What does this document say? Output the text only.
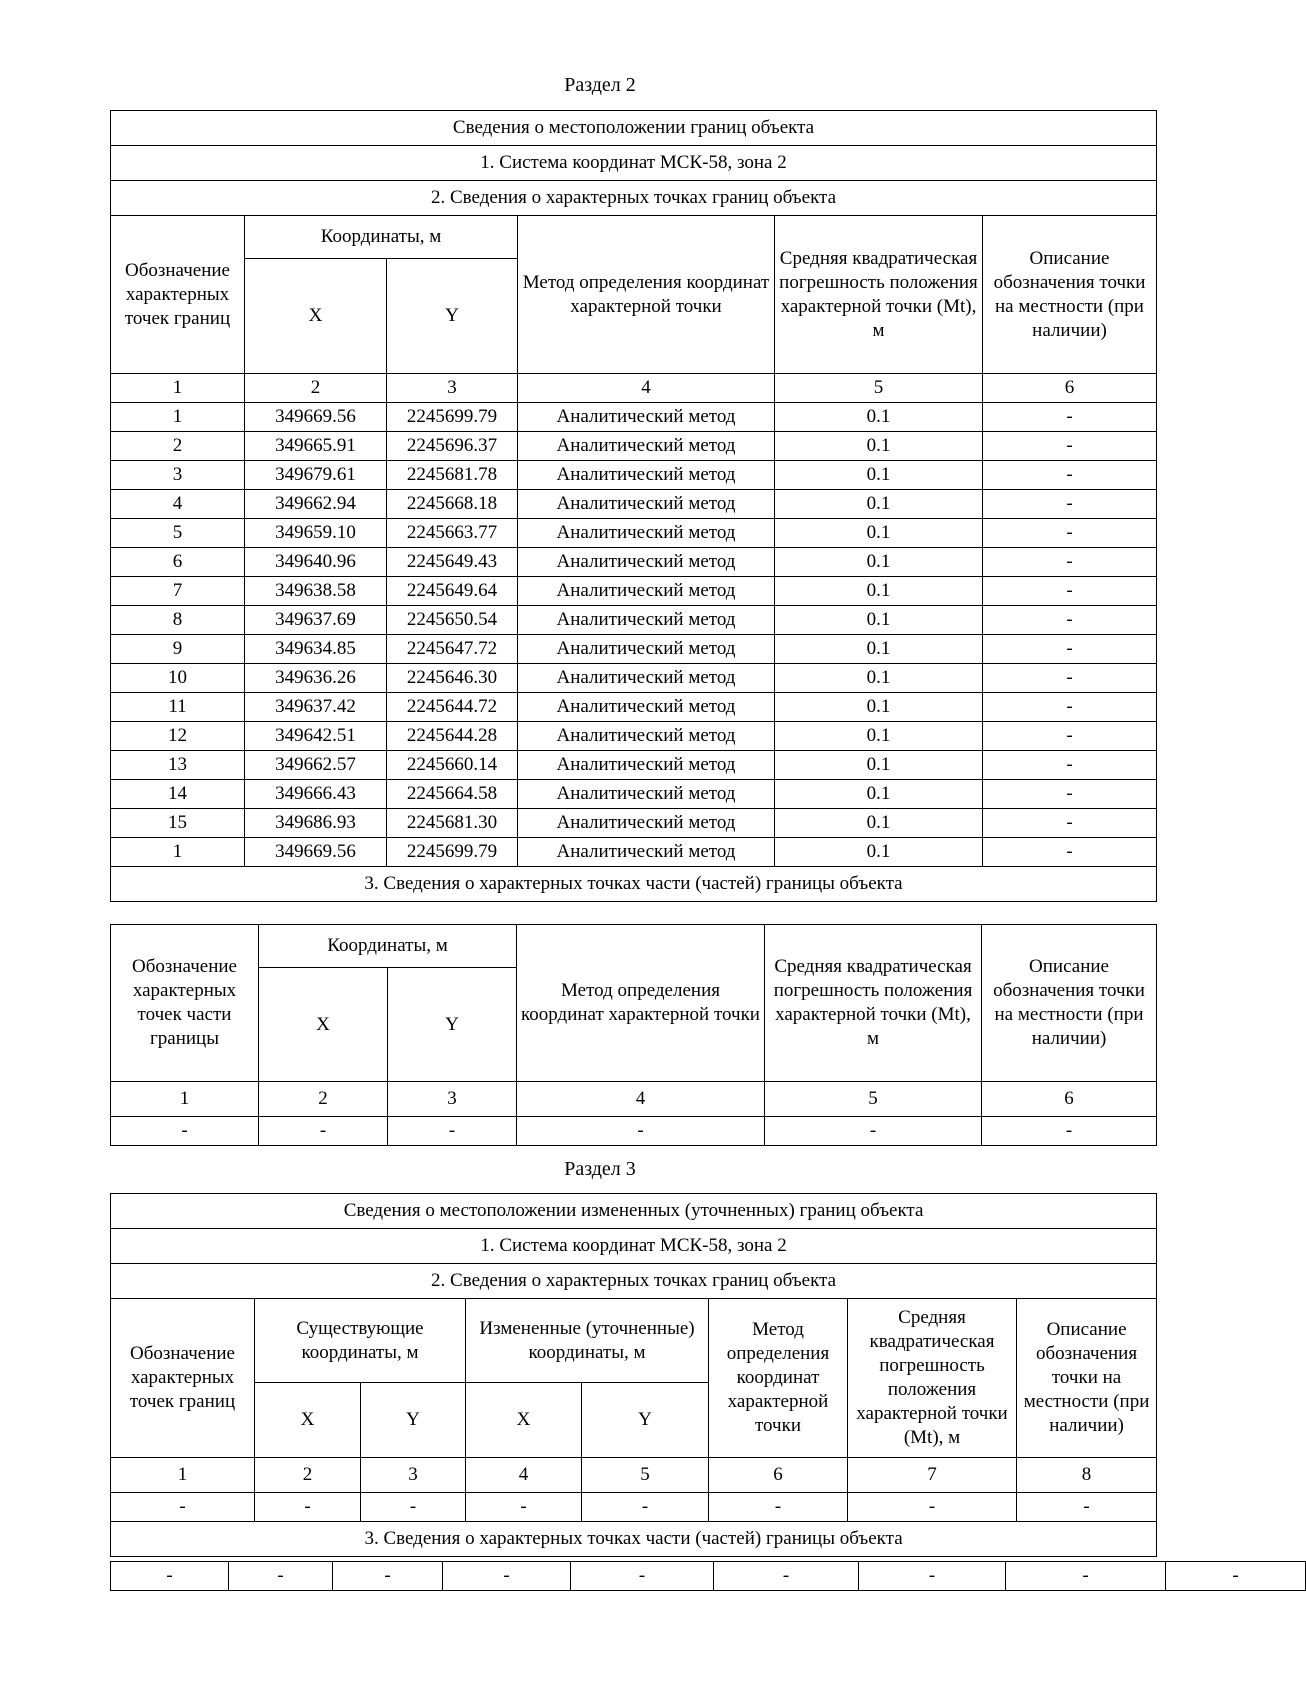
Раздел 2
Сведения о местоположении границ объекта					
1. Система координат МСК-58, зона 2					
2. Сведения о характерных точках границ объекта					
Обозначение характерных точек границ	Координаты, м		Метод определения координат характерной точки	Средняя квадратическая погрешность положения характерной точки (Mt), м	Описание обозначения точки на местности (при наличии)
	X	Y			
1	2	3	4	5	6
1	349669.56	2245699.79	Аналитический метод	0.1	-
2	349665.91	2245696.37	Аналитический метод	0.1	-
3	349679.61	2245681.78	Аналитический метод	0.1	-
4	349662.94	2245668.18	Аналитический метод	0.1	-
5	349659.10	2245663.77	Аналитический метод	0.1	-
6	349640.96	2245649.43	Аналитический метод	0.1	-
7	349638.58	2245649.64	Аналитический метод	0.1	-
8	349637.69	2245650.54	Аналитический метод	0.1	-
9	349634.85	2245647.72	Аналитический метод	0.1	-
10	349636.26	2245646.30	Аналитический метод	0.1	-
11	349637.42	2245644.72	Аналитический метод	0.1	-
12	349642.51	2245644.28	Аналитический метод	0.1	-
13	349662.57	2245660.14	Аналитический метод	0.1	-
14	349666.43	2245664.58	Аналитический метод	0.1	-
15	349686.93	2245681.30	Аналитический метод	0.1	-
1	349669.56	2245699.79	Аналитический метод	0.1	-
3. Сведения о характерных точках части (частей) границы объекта					
Обозначение характерных точек части границы	Координаты, м		Метод определения координат характерной точки	Средняя квадратическая погрешность положения характерной точки (Mt), м	Описание обозначения точки на местности (при наличии)
	X	Y			
1	2	3	4	5	6
-	-	-	-	-	-
Раздел 3
Сведения о местоположении измененных (уточненных) границ объекта							
1. Система координат МСК-58, зона 2							
2. Сведения о характерных точках границ объекта							
Обозначение характерных точек границ	Существующие координаты, м		Измененные (уточненные) координаты, м		Метод определения координат характерной точки	Средняя квадратическая погрешность положения характерной точки (Mt), м	Описание обозначения точки на местности (при наличии)
	X	Y	X	Y			
1	2	3	4	5	6	7	8
-	-	-	-	-	-	-	-
3. Сведения о характерных точках части (частей) границы объекта							
-	-	-	-	-	-	-	-	-
